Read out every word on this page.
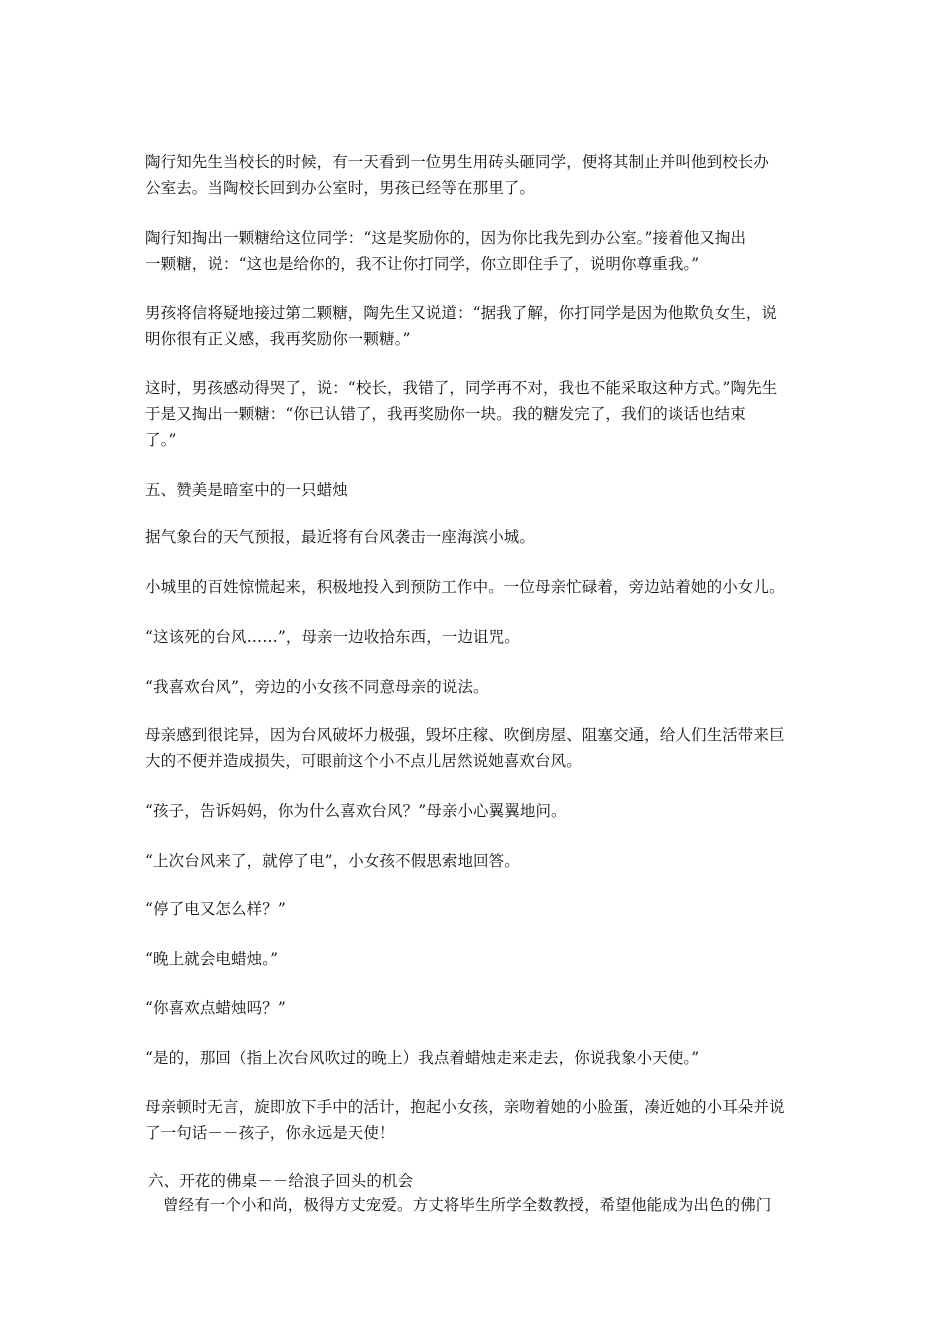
陶行知先生当校长的时候，有一天看到一位男生用砖头砸同学，便将其制止并叫他到校长办
公室去。当陶校长回到办公室时，男孩已经等在那里了。
陶行知掏出一颗糖给这位同学：“这是奖励你的，因为你比我先到办公室。”接着他又掏出
一颗糖，说：“这也是给你的，我不让你打同学，你立即住手了，说明你尊重我。”
男孩将信将疑地接过第二颗糖，陶先生又说道：“据我了解，你打同学是因为他欺负女生，说
明你很有正义感，我再奖励你一颗糖。”
这时，男孩感动得哭了，说：“校长，我错了，同学再不对，我也不能采取这种方式。”陶先生
于是又掏出一颗糖：“你已认错了，我再奖励你一块。我的糖发完了，我们的谈话也结束
了。”
五、赞美是暗室中的一只蜡烛
据气象台的天气预报，最近将有台风袭击一座海滨小城。
小城里的百姓惊慌起来，积极地投入到预防工作中。一位母亲忙碌着，旁边站着她的小女儿。
“这该死的台风……”，母亲一边收拾东西，一边诅咒。
“我喜欢台风”，旁边的小女孩不同意母亲的说法。
母亲感到很诧异，因为台风破坏力极强，毁坏庄稼、吹倒房屋、阻塞交通，给人们生活带来巨
大的不便并造成损失，可眼前这个小不点儿居然说她喜欢台风。
“孩子，告诉妈妈，你为什么喜欢台风？”母亲小心翼翼地问。
“上次台风来了，就停了电”，小女孩不假思索地回答。
“停了电又怎么样？”
“晚上就会电蜡烛。”
“你喜欢点蜡烛吗？”
“是的，那回（指上次台风吹过的晚上）我点着蜡烛走来走去，你说我象小天使。”
母亲顿时无言，旋即放下手中的活计，抱起小女孩，亲吻着她的小脸蛋，凑近她的小耳朵并说
了一句话－－孩子，你永远是天使！
六、开花的佛桌－－给浪子回头的机会
曾经有一个小和尚，极得方丈宠爱。方丈将毕生所学全数教授，希望他能成为出色的佛门
